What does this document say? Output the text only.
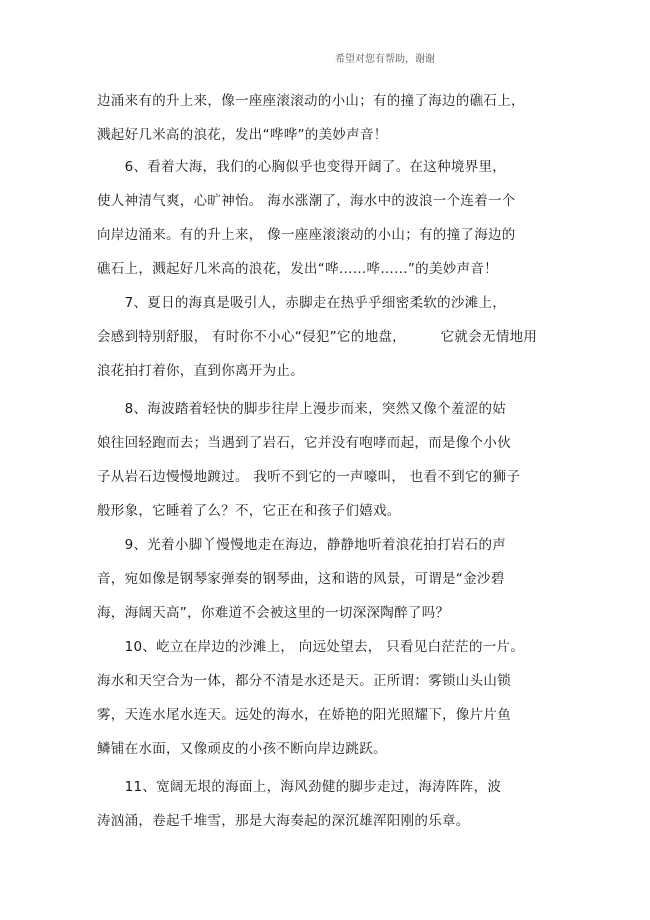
希望对您有帮助，谢谢
边涌来有的升上来，像一座座滚滚动的小山；有的撞了海边的礁石上，
溅起好几米高的浪花，发出“哗哗”的美妙声音！
　　6、看着大海，我们的心胸似乎也变得开阔了。在这种境界里，
使人神清气爽，心旷神怡。 海水涨潮了，海水中的波浪一个连着一个
向岸边涌来。有的升上来， 像一座座滚滚动的小山；有的撞了海边的
礁石上，溅起好几米高的浪花，发出“哗……哗……”的美妙声音！
　　7、夏日的海真是吸引人，赤脚走在热乎乎细密柔软的沙滩上，
会感到特别舒服， 有时你不小心“侵犯”它的地盘，　　　它就会无情地用
浪花拍打着你，直到你离开为止。
　　8、海波踏着轻快的脚步往岸上漫步而来，突然又像个羞涩的姑
娘往回轻跑而去；当遇到了岩石，它并没有咆哮而起，而是像个小伙
子从岩石边慢慢地踱过。 我听不到它的一声嚎叫， 也看不到它的狮子
般形象，它睡着了么？不，它正在和孩子们嬉戏。
　　9、光着小脚丫慢慢地走在海边，静静地听着浪花拍打岩石的声
音，宛如像是钢琴家弹奏的钢琴曲，这和谐的风景，可谓是“金沙碧
海，海阔天高”，你难道不会被这里的一切深深陶醉了吗？
　　10、屹立在岸边的沙滩上， 向远处望去， 只看见白茫茫的一片。
海水和天空合为一体，都分不清是水还是天。正所谓：雾锁山头山锁
雾，天连水尾水连天。远处的海水，在娇艳的阳光照耀下，像片片鱼
鳞铺在水面，又像顽皮的小孩不断向岸边跳跃。
　　11、宽阔无垠的海面上，海风劲健的脚步走过，海涛阵阵，波
涛汹涌，卷起千堆雪，那是大海奏起的深沉雄浑阳刚的乐章。
